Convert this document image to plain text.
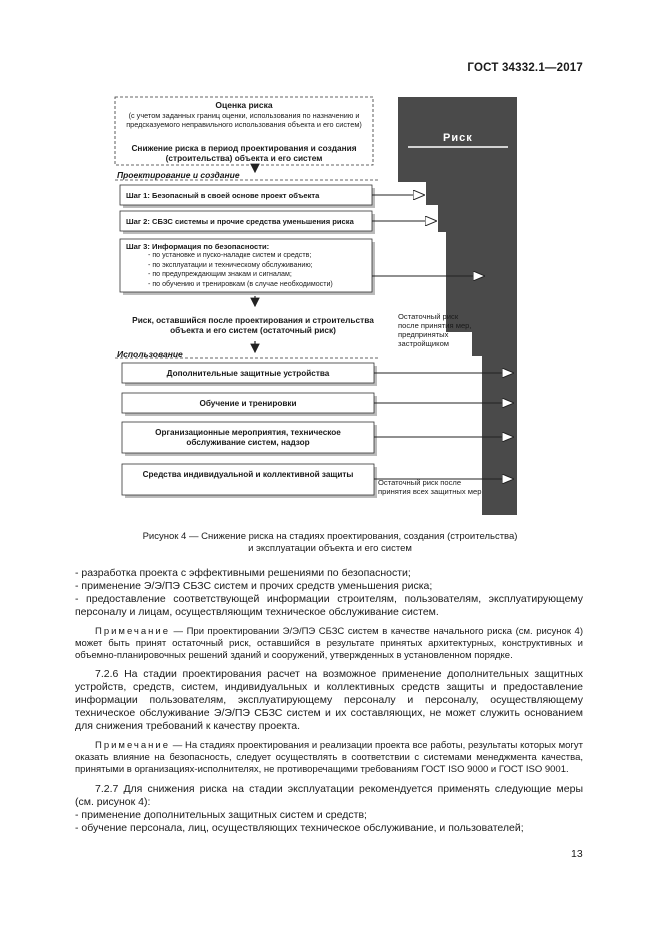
ГОСТ 34332.1—2017
Риск
Оценка риска
(с учетом заданных границ оценки, использования по назначению и предсказуемого неправильного использования объекта и его систем)
Снижение риска в период проектирования и создания (строительства) объекта и его систем
Проектирование и создание
Шаг 1: Безопасный в своей основе проект объекта
Шаг 2: СБЗС системы и прочие средства уменьшения риска
Шаг 3: Информация по безопасности:
- по установке и пуско-наладке систем и средств;
- по эксплуатации и техническому обслуживанию;
- по предупреждающим знакам и сигналам;
- по обучению и тренировкам (в случае необходимости)
Риск, оставшийся после проектирования и строительства объекта и его систем (остаточный риск)
Остаточный риск после принятия мер, предпринятых застройщиком
Использование
Дополнительные защитные устройства
Обучение и тренировки
Организационные мероприятия, техническое обслуживание систем, надзор
Средства индивидуальной и коллективной защиты
Остаточный риск после принятия всех защитных мер
Рисунок 4 — Снижение риска на стадиях проектирования, создания (строительства)
и эксплуатации объекта и его систем

- разработка проекта с эффективными решениями по безопасности;

- применение Э/Э/ПЭ СБЗС систем и прочих средств уменьшения риска;

- предоставление соответствующей информации строителям, пользователям, эксплуатирующему персоналу и лицам, осуществляющим техническое обслуживание систем.

Примечание — При проектировании Э/Э/ПЭ СБЗС систем в качестве начального риска (см. рисунок 4) может быть принят остаточный риск, оставшийся в результате принятых архитектурных, конструктивных и объемно-планировочных решений зданий и сооружений, утвержденных в установленном порядке.

7.2.6 На стадии проектирования расчет на возможное применение дополнительных защитных устройств, средств, систем, индивидуальных и коллективных средств защиты и предоставление информации пользователям, эксплуатирующему персоналу и персоналу, осуществляющему техническое обслуживание Э/Э/ПЭ СБЗС систем и их составляющих, не может служить основанием для снижения требований к качеству проекта.

Примечание — На стадиях проектирования и реализации проекта все работы, результаты которых могут оказать влияние на безопасность, следует осуществлять в соответствии с системами менеджмента качества, принятыми в организациях-исполнителях, не противоречащими требованиям ГОСТ ISO 9000 и ГОСТ ISO 9001.

7.2.7 Для снижения риска на стадии эксплуатации рекомендуется применять следующие меры (см. рисунок 4):

- применение дополнительных защитных систем и средств;

- обучение персонала, лиц, осуществляющих техническое обслуживание, и пользователей;

13
